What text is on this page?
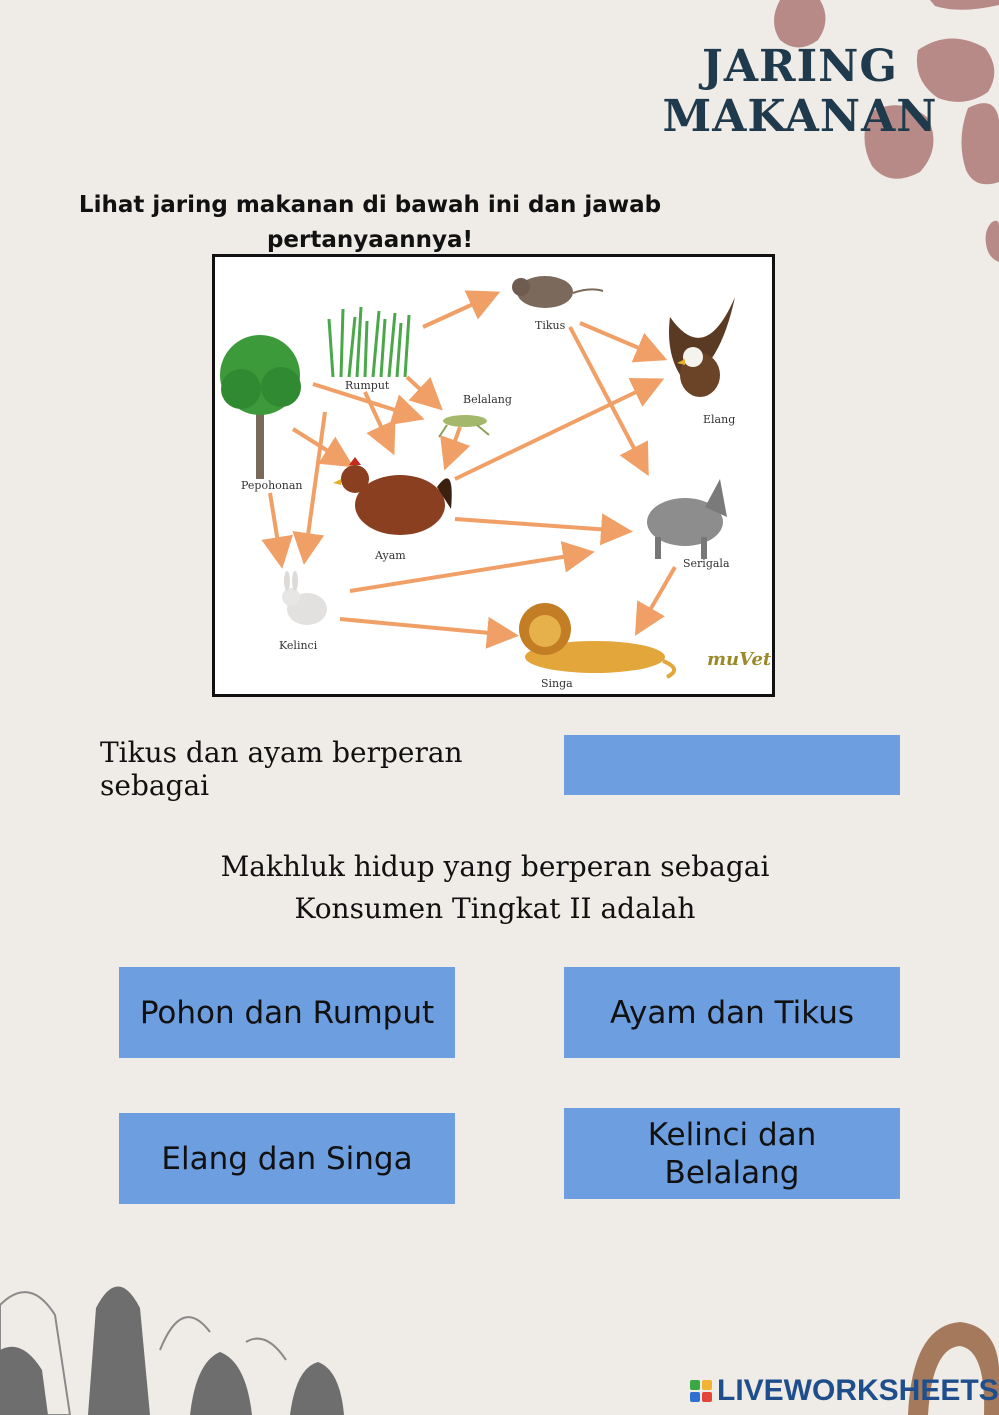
JARING
MAKANAN
Lihat jaring makanan di bawah ini dan jawab
pertanyaannya!
Tikus
Rumput
Belalang
Elang
Pepohonan
Ayam
Serigala
Kelinci
Singa
muVet
Tikus dan ayam berperan sebagai
Makhluk hidup yang berperan sebagai
Konsumen Tingkat II adalah
Pohon dan Rumput	Ayam dan Tikus
Elang dan Singa
Kelinci dan
Belalang
LIVEWORKSHEETS
